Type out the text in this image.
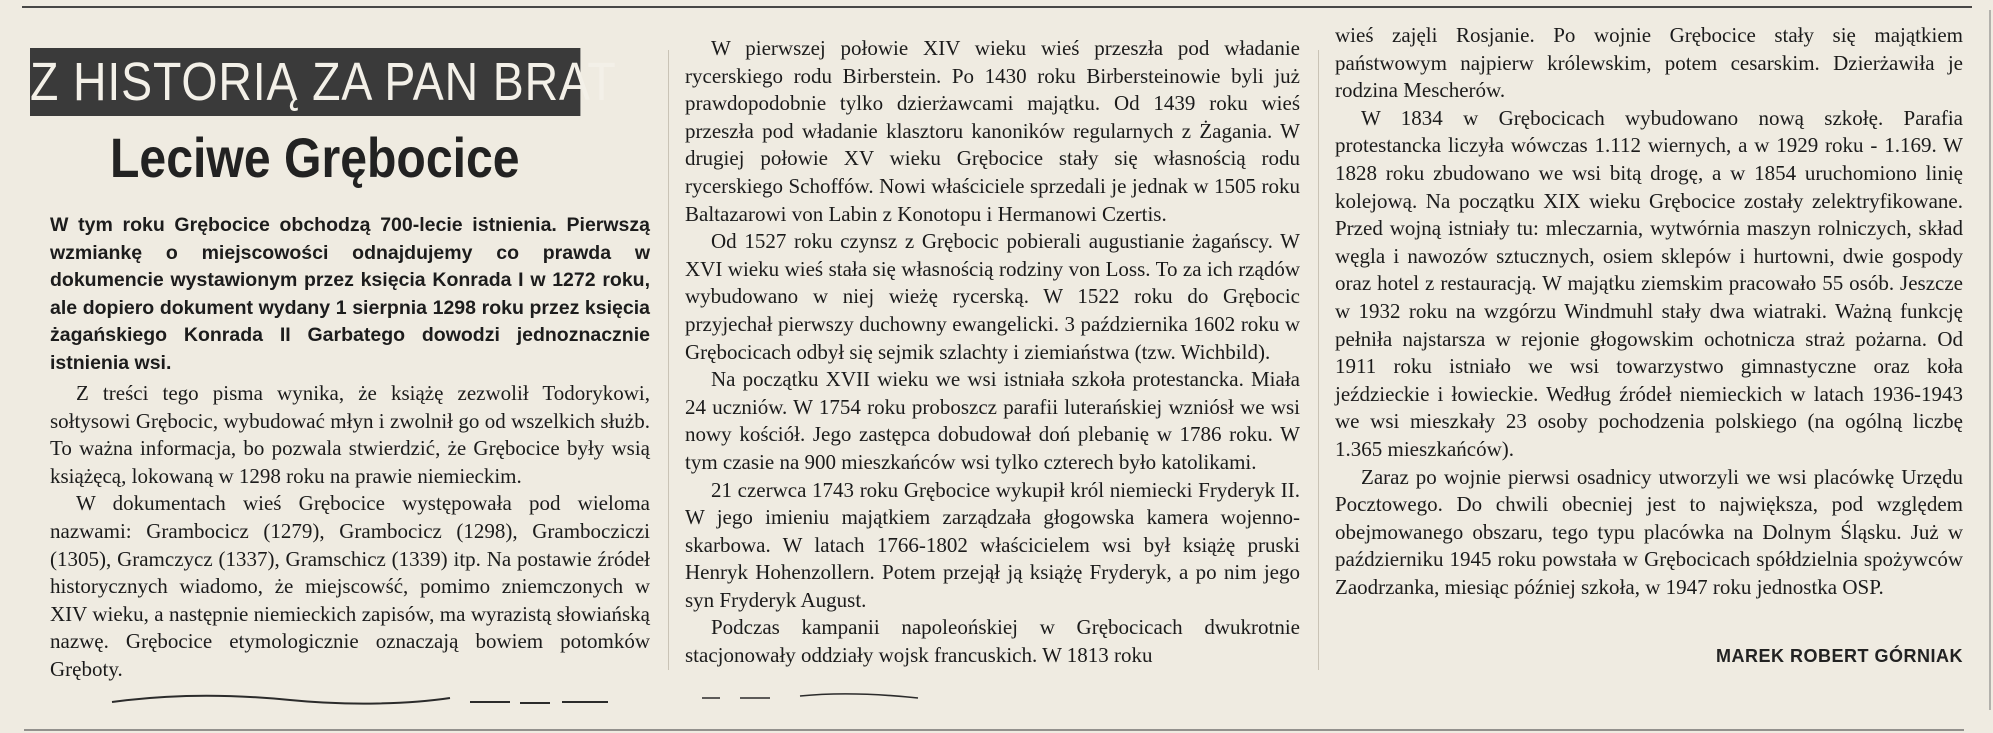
Z HISTORIĄ ZA PAN BRAT
Leciwe Grębocice
W tym roku Grębocice obchodzą 700-lecie istnienia. Pierwszą wzmiankę o miejscowości odnajdujemy co prawda w dokumencie wystawionym przez księcia Konrada I w 1272 roku, ale dopiero dokument wydany 1 sierpnia 1298 roku przez księcia żagańskiego Konrada II Garbatego dowodzi jednoznacznie istnienia wsi.

Z treści tego pisma wynika, że książę zezwolił Todorykowi, sołtysowi Grębocic, wybudować młyn i zwolnił go od wszelkich służb. To ważna informacja, bo pozwala stwierdzić, że Grębocice były wsią książęcą, lokowaną w 1298 roku na prawie niemieckim.

W dokumentach wieś Grębocice występowała pod wieloma nazwami: Grambocicz (1279), Grambocicz (1298), Grambocziczi (1305), Gramczycz (1337), Gramschicz (1339) itp. Na postawie źródeł historycznych wiadomo, że miejscowść, pomimo zniemczonych w XIV wieku, a następnie niemieckich zapisów, ma wyrazistą słowiańską nazwę. Grębocice etymologicznie oznaczają bowiem potomków Gręboty.

W pierwszej połowie XIV wieku wieś przeszła pod władanie rycerskiego rodu Birberstein. Po 1430 roku Birbersteinowie byli już prawdopodobnie tylko dzierżawcami majątku. Od 1439 roku wieś przeszła pod władanie klasztoru kanoników regularnych z Żagania. W drugiej połowie XV wieku Grębocice stały się własnością rodu rycerskiego Schoffów. Nowi właściciele sprzedali je jednak w 1505 roku Baltazarowi von Labin z Konotopu i Hermanowi Czertis.

Od 1527 roku czynsz z Grębocic pobierali augustianie żagańscy. W XVI wieku wieś stała się własnością rodziny von Loss. To za ich rządów wybudowano w niej wieżę rycerską. W 1522 roku do Grębocic przyjechał pierwszy duchowny ewangelicki. 3 października 1602 roku w Grębocicach odbył się sejmik szlachty i ziemiaństwa (tzw. Wichbild).

Na początku XVII wieku we wsi istniała szkoła protestancka. Miała 24 uczniów. W 1754 roku proboszcz parafii luterańskiej wzniósł we wsi nowy kościół. Jego zastępca dobudował doń plebanię w 1786 roku. W tym czasie na 900 mieszkańców wsi tylko czterech było katolikami.

21 czerwca 1743 roku Grębocice wykupił król niemiecki Fryderyk II. W jego imieniu majątkiem zarządzała głogowska kamera wojenno-skarbowa. W latach 1766-1802 właścicielem wsi był książę pruski Henryk Hohenzollern. Potem przejął ją książę Fryderyk, a po nim jego syn Fryderyk August.

Podczas kampanii napoleońskiej w Grębocicach dwukrotnie stacjonowały oddziały wojsk francuskich. W 1813 roku

wieś zajęli Rosjanie. Po wojnie Grębocice stały się majątkiem państwowym najpierw królewskim, potem cesarskim. Dzierżawiła je rodzina Mescherów.

W 1834 w Grębocicach wybudowano nową szkołę. Parafia protestancka liczyła wówczas 1.112 wiernych, a w 1929 roku - 1.169. W 1828 roku zbudowano we wsi bitą drogę, a w 1854 uruchomiono linię kolejową. Na początku XIX wieku Grębocice zostały zelektryfikowane. Przed wojną istniały tu: mleczarnia, wytwórnia maszyn rolniczych, skład węgla i nawozów sztucznych, osiem sklepów i hurtowni, dwie gospody oraz hotel z restauracją. W majątku ziemskim pracowało 55 osób. Jeszcze w 1932 roku na wzgórzu Windmuhl stały dwa wiatraki. Ważną funkcję pełniła najstarsza w rejonie głogowskim ochotnicza straż pożarna. Od 1911 roku istniało we wsi towarzystwo gimnastyczne oraz koła jeździeckie i łowieckie. Według źródeł niemieckich w latach 1936-1943 we wsi mieszkały 23 osoby pochodzenia polskiego (na ogólną liczbę 1.365 mieszkańców).

Zaraz po wojnie pierwsi osadnicy utworzyli we wsi placówkę Urzędu Pocztowego. Do chwili obecniej jest to największa, pod względem obejmowanego obszaru, tego typu placówka na Dolnym Śląsku. Już w październiku 1945 roku powstała w Grębocicach spółdzielnia spożywców Zaodrzanka, miesiąc później szkoła, w 1947 roku jednostka OSP.

MAREK ROBERT GÓRNIAK
